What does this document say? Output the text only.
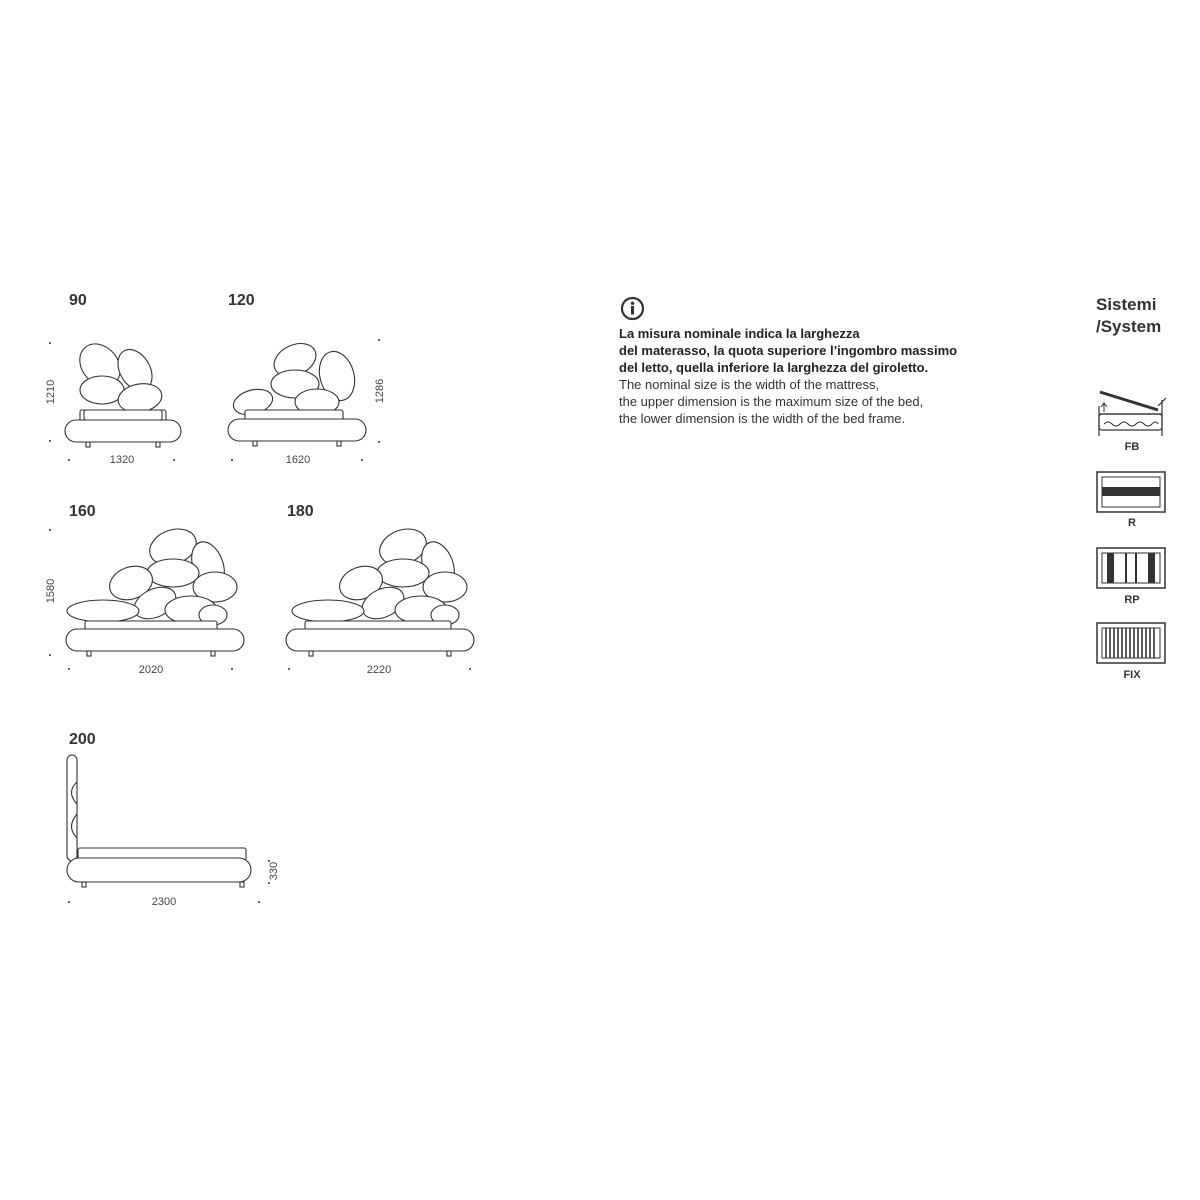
90
1210
1320
120
1286
1620
160
1580
2020
180
2220
200
330
2300
La misura nominale indica la larghezza
del materasso, la quota superiore l’ingombro massimo
del letto, quella inferiore la larghezza del giroletto.
The nominal size is the width of the mattress,
the upper dimension is the maximum size of the bed,
the lower dimension is the width of the bed frame.
Sistemi
/System
FB
R
RP
FIX
